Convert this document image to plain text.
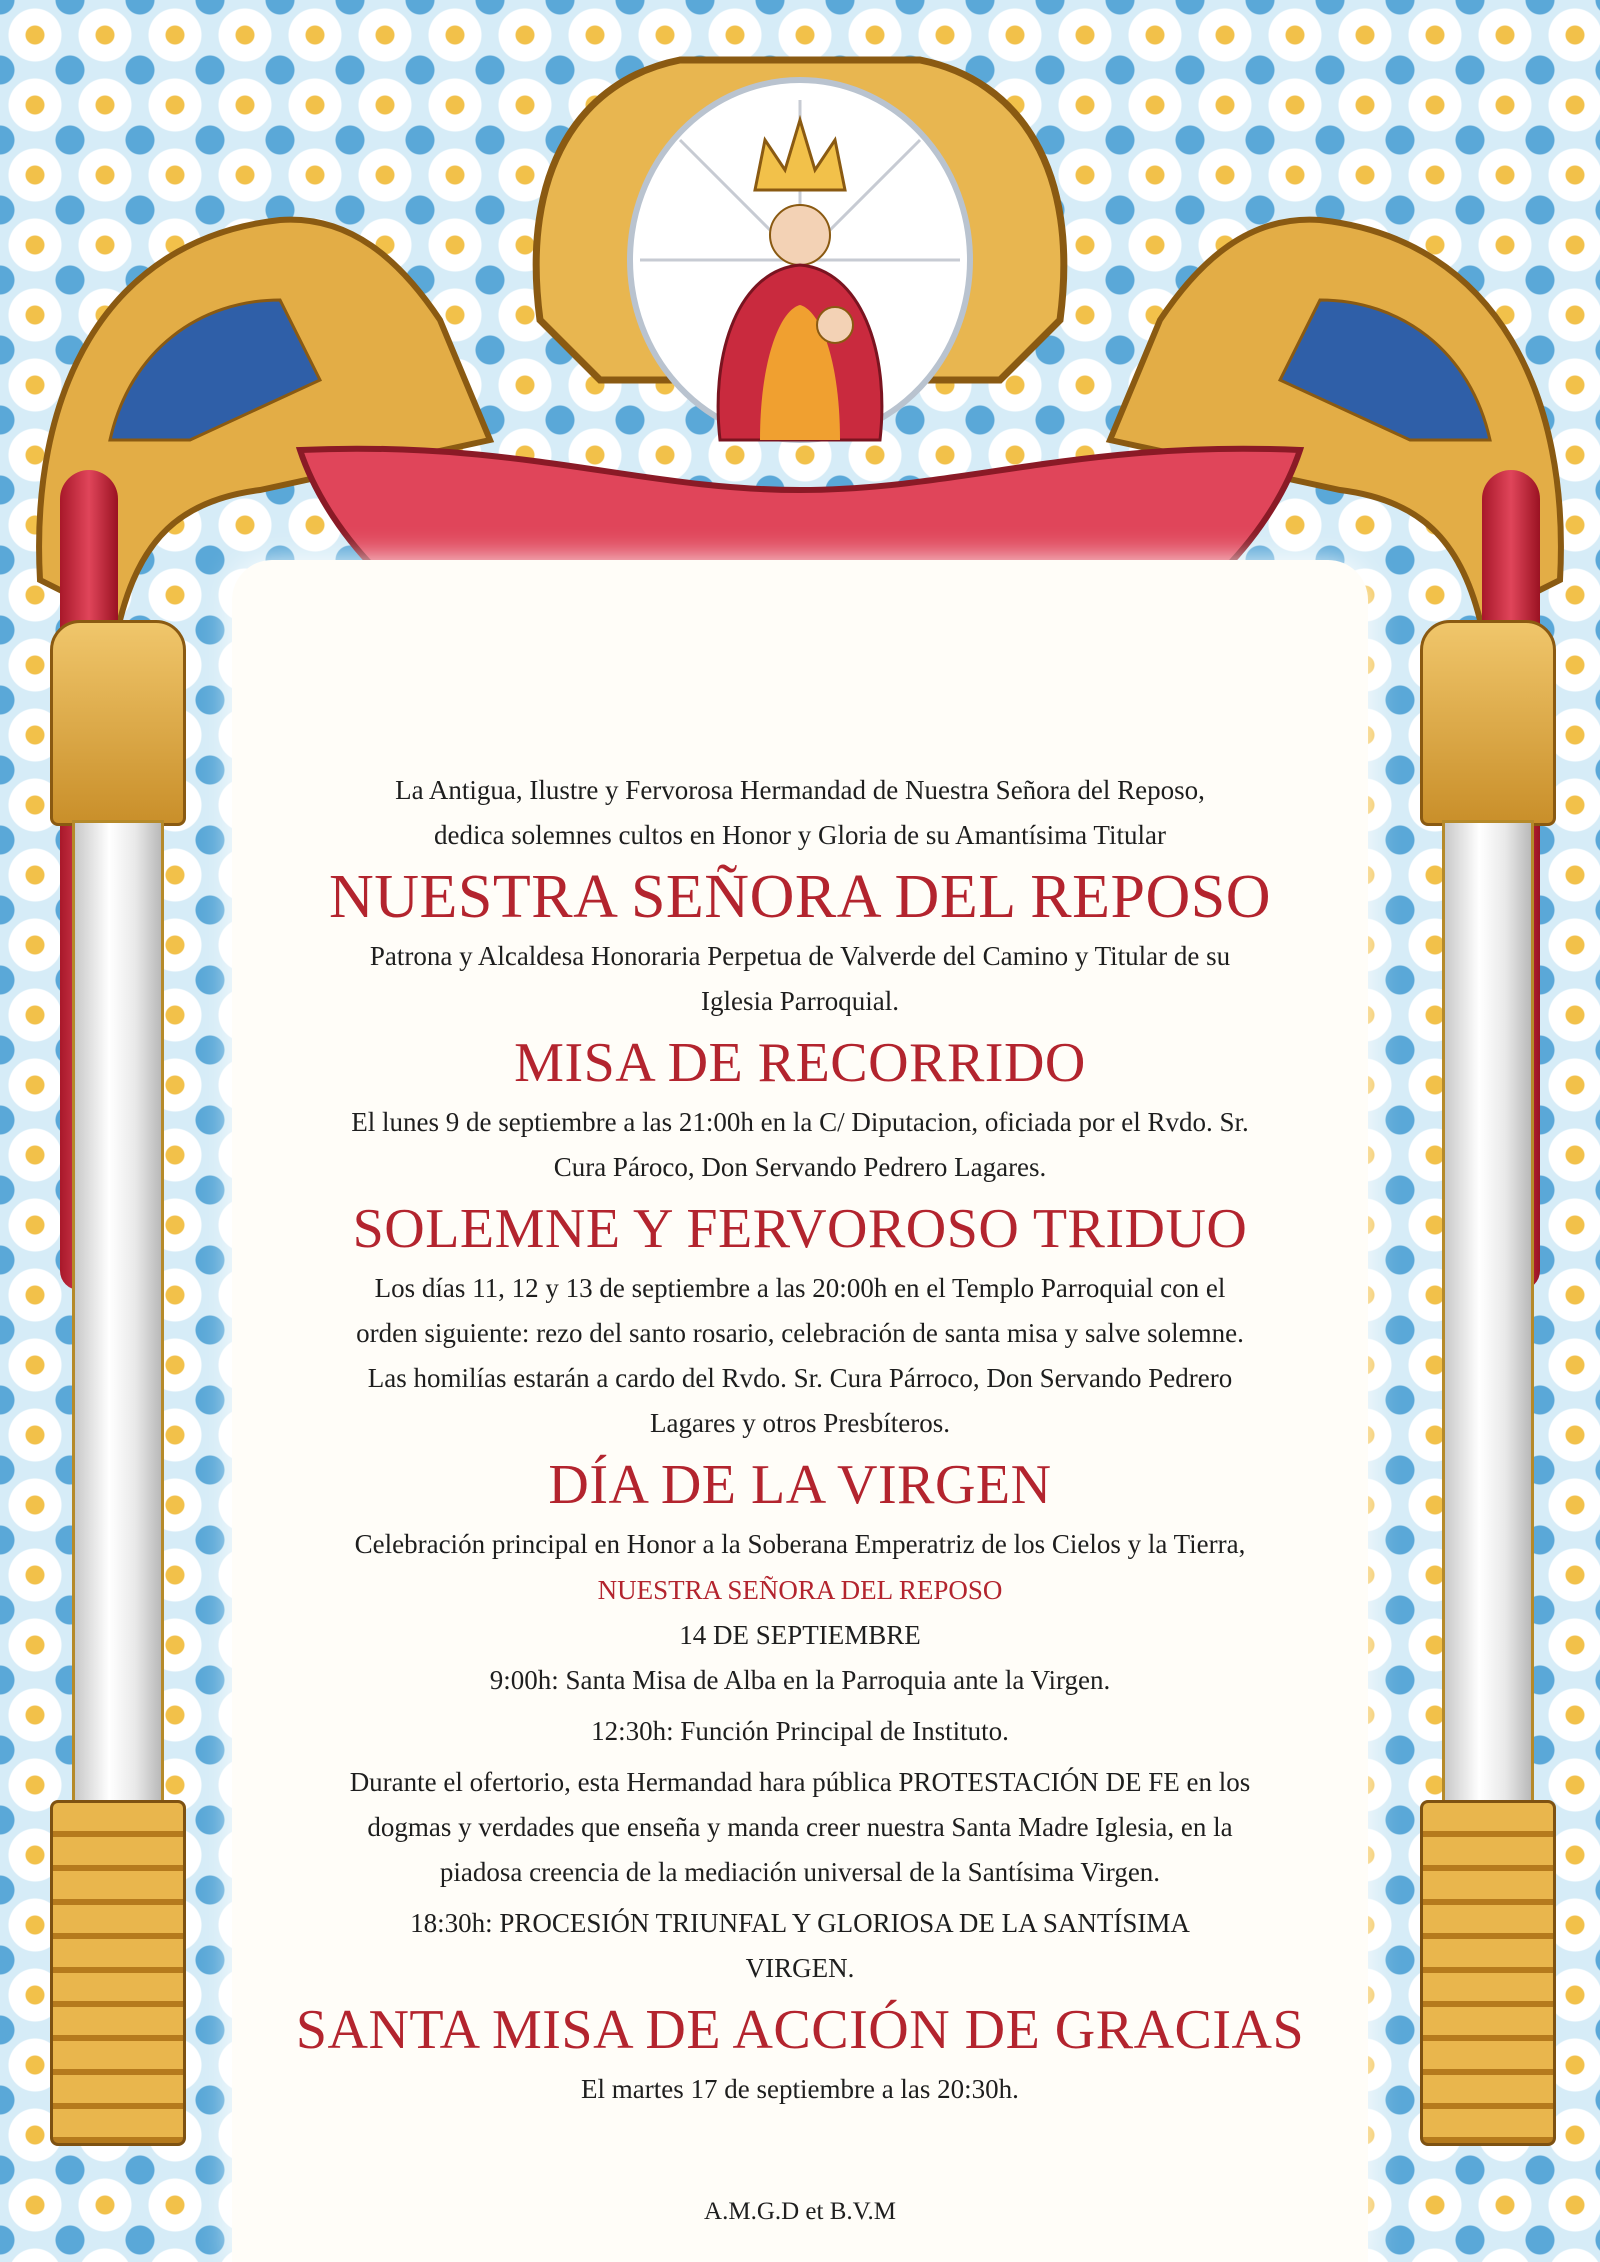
La Antigua, Ilustre y Fervorosa Hermandad de Nuestra Señora del Reposo,

dedica solemnes cultos en Honor y Gloria de su Amantísima Titular

NUESTRA SEÑORA DEL REPOSO

Patrona y Alcaldesa Honoraria Perpetua de Valverde del Camino y Titular de su

Iglesia Parroquial.

MISA DE RECORRIDO

El lunes 9 de septiembre a las 21:00h en la C/ Diputacion, oficiada por el Rvdo. Sr.

Cura Pároco, Don Servando Pedrero Lagares.

SOLEMNE Y FERVOROSO TRIDUO

Los días 11, 12 y 13 de septiembre a las 20:00h en el Templo Parroquial con el

orden siguiente: rezo del santo rosario, celebración de santa misa y salve solemne.

Las homilías estarán a cardo del Rvdo. Sr. Cura Párroco, Don Servando Pedrero

Lagares y otros Presbíteros.

DÍA DE LA VIRGEN

Celebración principal en Honor a la Soberana Emperatriz de los Cielos y la Tierra,

NUESTRA SEÑORA DEL REPOSO

14 DE SEPTIEMBRE

9:00h: Santa Misa de Alba en la Parroquia ante la Virgen.

12:30h: Función Principal de Instituto.

Durante el ofertorio, esta Hermandad hara pública PROTESTACIÓN DE FE en los

dogmas y verdades que enseña y manda creer nuestra Santa Madre Iglesia, en la

piadosa creencia de la mediación universal de la Santísima Virgen.

18:30h: PROCESIÓN TRIUNFAL Y GLORIOSA DE LA SANTÍSIMA

VIRGEN.

SANTA MISA DE ACCIÓN DE GRACIAS

El martes 17 de septiembre a las 20:30h.

A.M.G.D et B.V.M
